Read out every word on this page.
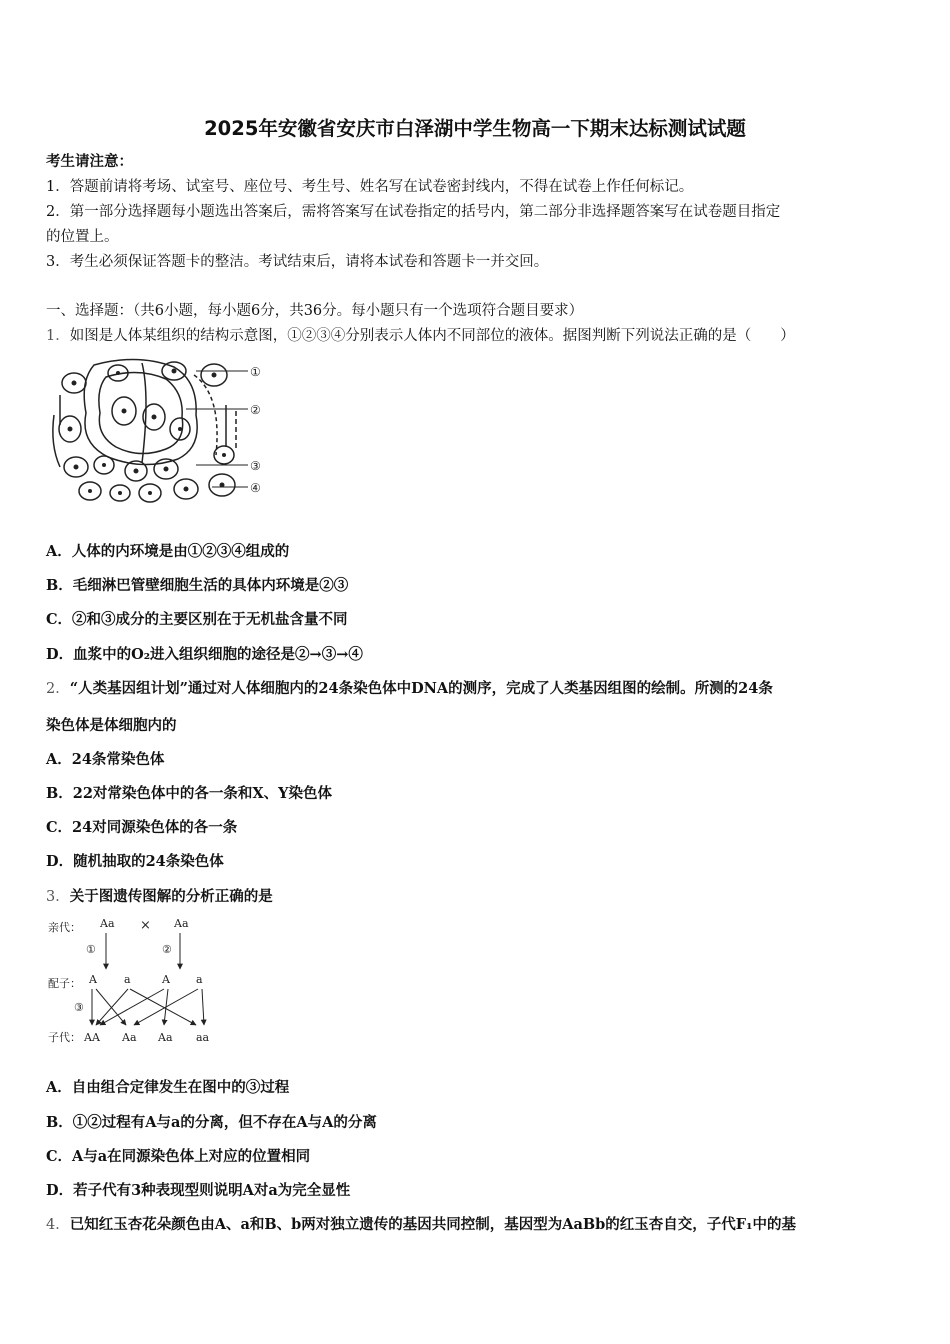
2025年安徽省安庆市白泽湖中学生物高一下期末达标测试试题
考生请注意：
1．答题前请将考场、试室号、座位号、考生号、姓名写在试卷密封线内，不得在试卷上作任何标记。
2．第一部分选择题每小题选出答案后，需将答案写在试卷指定的括号内，第二部分非选择题答案写在试卷题目指定
的位置上。
3．考生必须保证答题卡的整洁。考试结束后，请将本试卷和答题卡一并交回。
一、选择题：（共6小题，每小题6分，共36分。每小题只有一个选项符合题目要求）
1．如图是人体某组织的结构示意图，①②③④分别表示人体内不同部位的液体。据图判断下列说法正确的是（　　）
①
②
③
④
A．人体的内环境是由①②③④组成的
B．毛细淋巴管壁细胞生活的具体内环境是②③
C．②和③成分的主要区别在于无机盐含量不同
D．血浆中的O₂进入组织细胞的途径是②→③→④
2．“人类基因组计划”通过对人体细胞内的24条染色体中DNA的测序，完成了人类基因组图的绘制。所测的24条
染色体是体细胞内的
A．24条常染色体
B．22对常染色体中的各一条和X、Y染色体
C．24对同源染色体的各一条
D．随机抽取的24条染色体
3．关于图遗传图解的分析正确的是
亲代： Aa × Aa
①	②
配子： A a	A a
③
子代： AA Aa Aa aa
A．自由组合定律发生在图中的③过程
B．①②过程有A与a的分离，但不存在A与A的分离
C．A与a在同源染色体上对应的位置相同
D．若子代有3种表现型则说明A对a为完全显性
4．已知红玉杏花朵颜色由A、a和B、b两对独立遗传的基因共同控制，基因型为AaBb的红玉杏自交，子代F₁中的基
